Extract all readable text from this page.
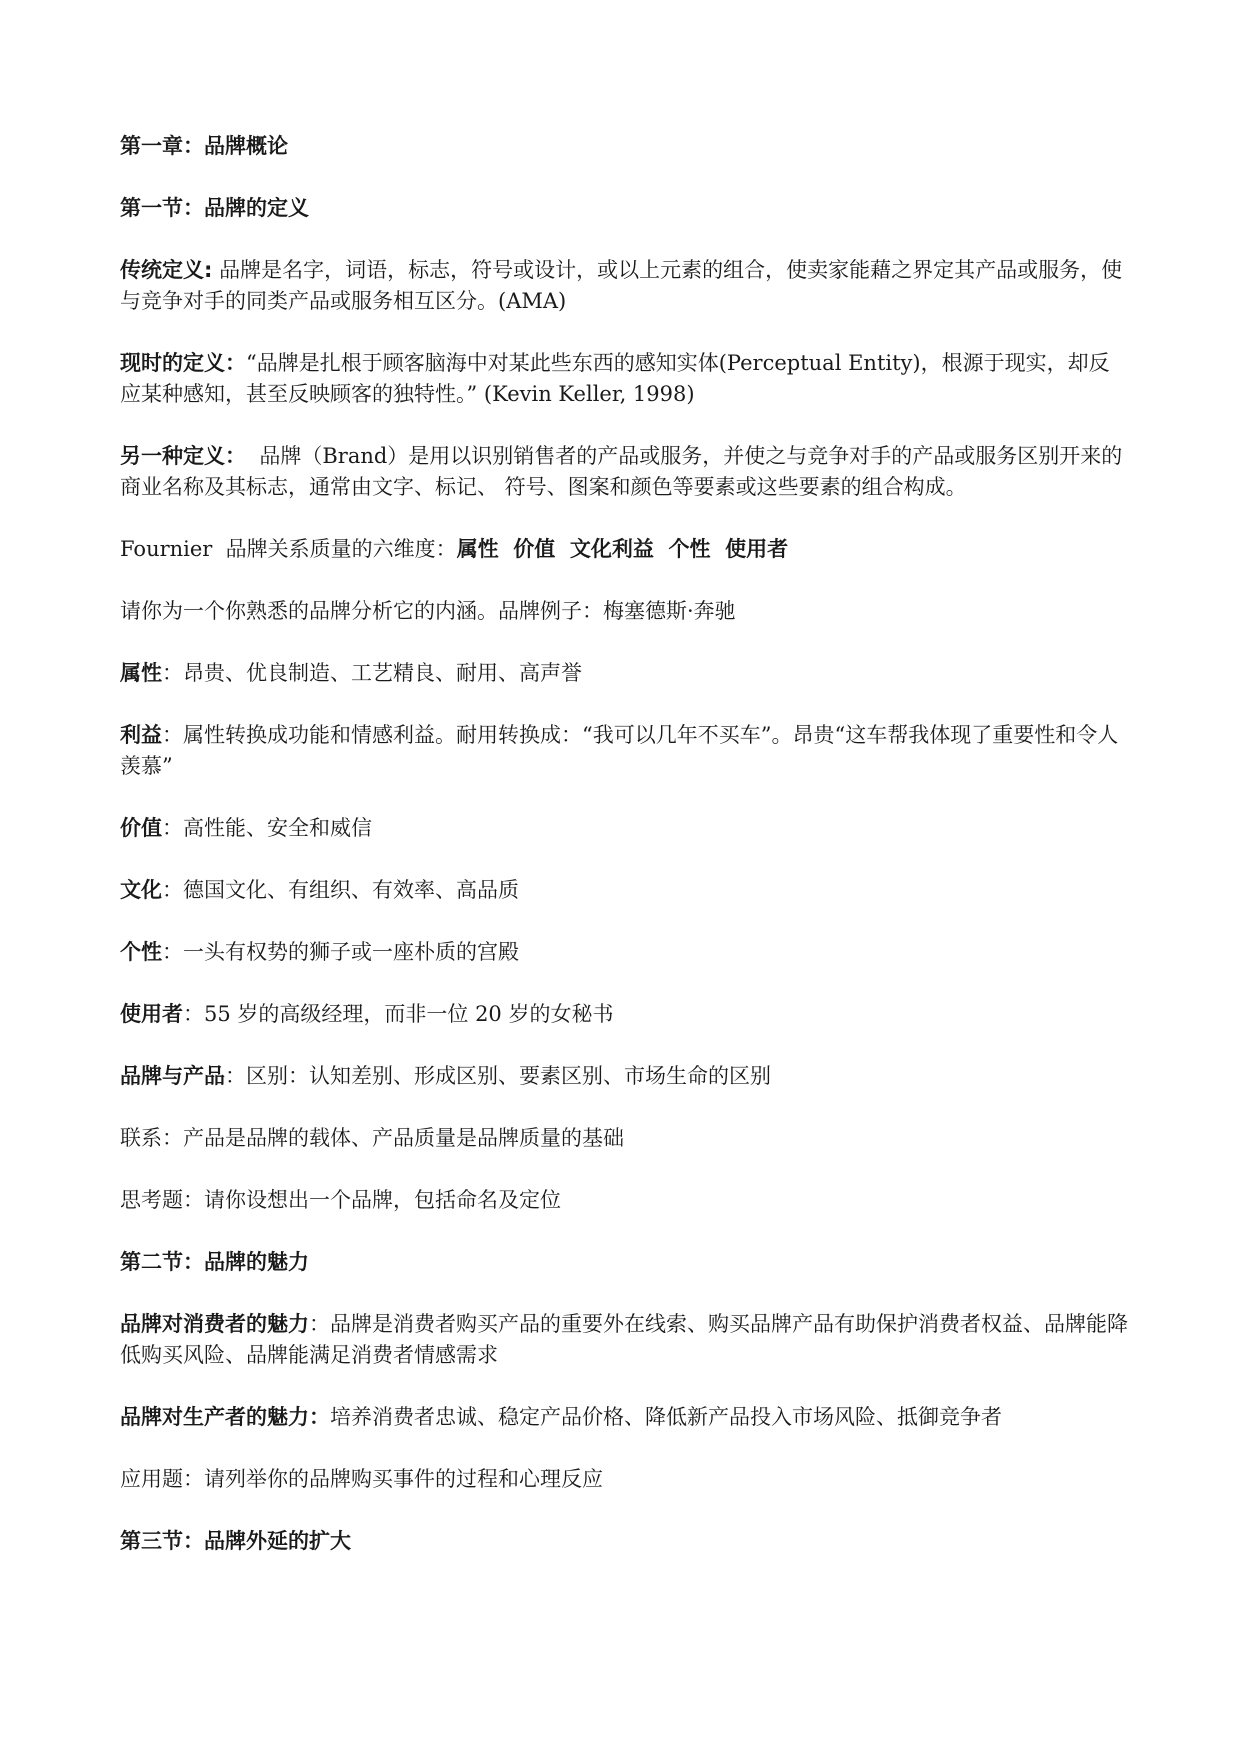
第一章：品牌概论
第一节：品牌的定义
传统定义: 品牌是名字，词语，标志，符号或设计，或以上元素的组合，使卖家能藉之界定其产品或服务，使与竞争对手的同类产品或服务相互区分。(AMA)
现时的定义：“品牌是扎根于顾客脑海中对某此些东西的感知实体(Perceptual Entity)，根源于现实，却反应某种感知，甚至反映顾客的独特性。” (Kevin Keller, 1998)
另一种定义：  品牌（Brand）是用以识别销售者的产品或服务，并使之与竞争对手的产品或服务区别开来的商业名称及其标志，通常由文字、标记、 符号、图案和颜色等要素或这些要素的组合构成。
Fournier  品牌关系质量的六维度：属性  价值  文化利益  个性  使用者
请你为一个你熟悉的品牌分析它的内涵。品牌例子：梅塞德斯·奔驰
属性：昂贵、优良制造、工艺精良、耐用、高声誉
利益：属性转换成功能和情感利益。耐用转换成：“我可以几年不买车”。昂贵“这车帮我体现了重要性和令人羡慕”
价值：高性能、安全和威信
文化：德国文化、有组织、有效率、高品质
个性：一头有权势的狮子或一座朴质的宫殿
使用者：55 岁的高级经理，而非一位 20 岁的女秘书
品牌与产品：区别：认知差别、形成区别、要素区别、市场生命的区别
联系：产品是品牌的载体、产品质量是品牌质量的基础
思考题：请你设想出一个品牌，包括命名及定位
第二节：品牌的魅力
品牌对消费者的魅力：品牌是消费者购买产品的重要外在线索、购买品牌产品有助保护消费者权益、品牌能降低购买风险、品牌能满足消费者情感需求
品牌对生产者的魅力：培养消费者忠诚、稳定产品价格、降低新产品投入市场风险、抵御竞争者
应用题：请列举你的品牌购买事件的过程和心理反应
第三节：品牌外延的扩大
